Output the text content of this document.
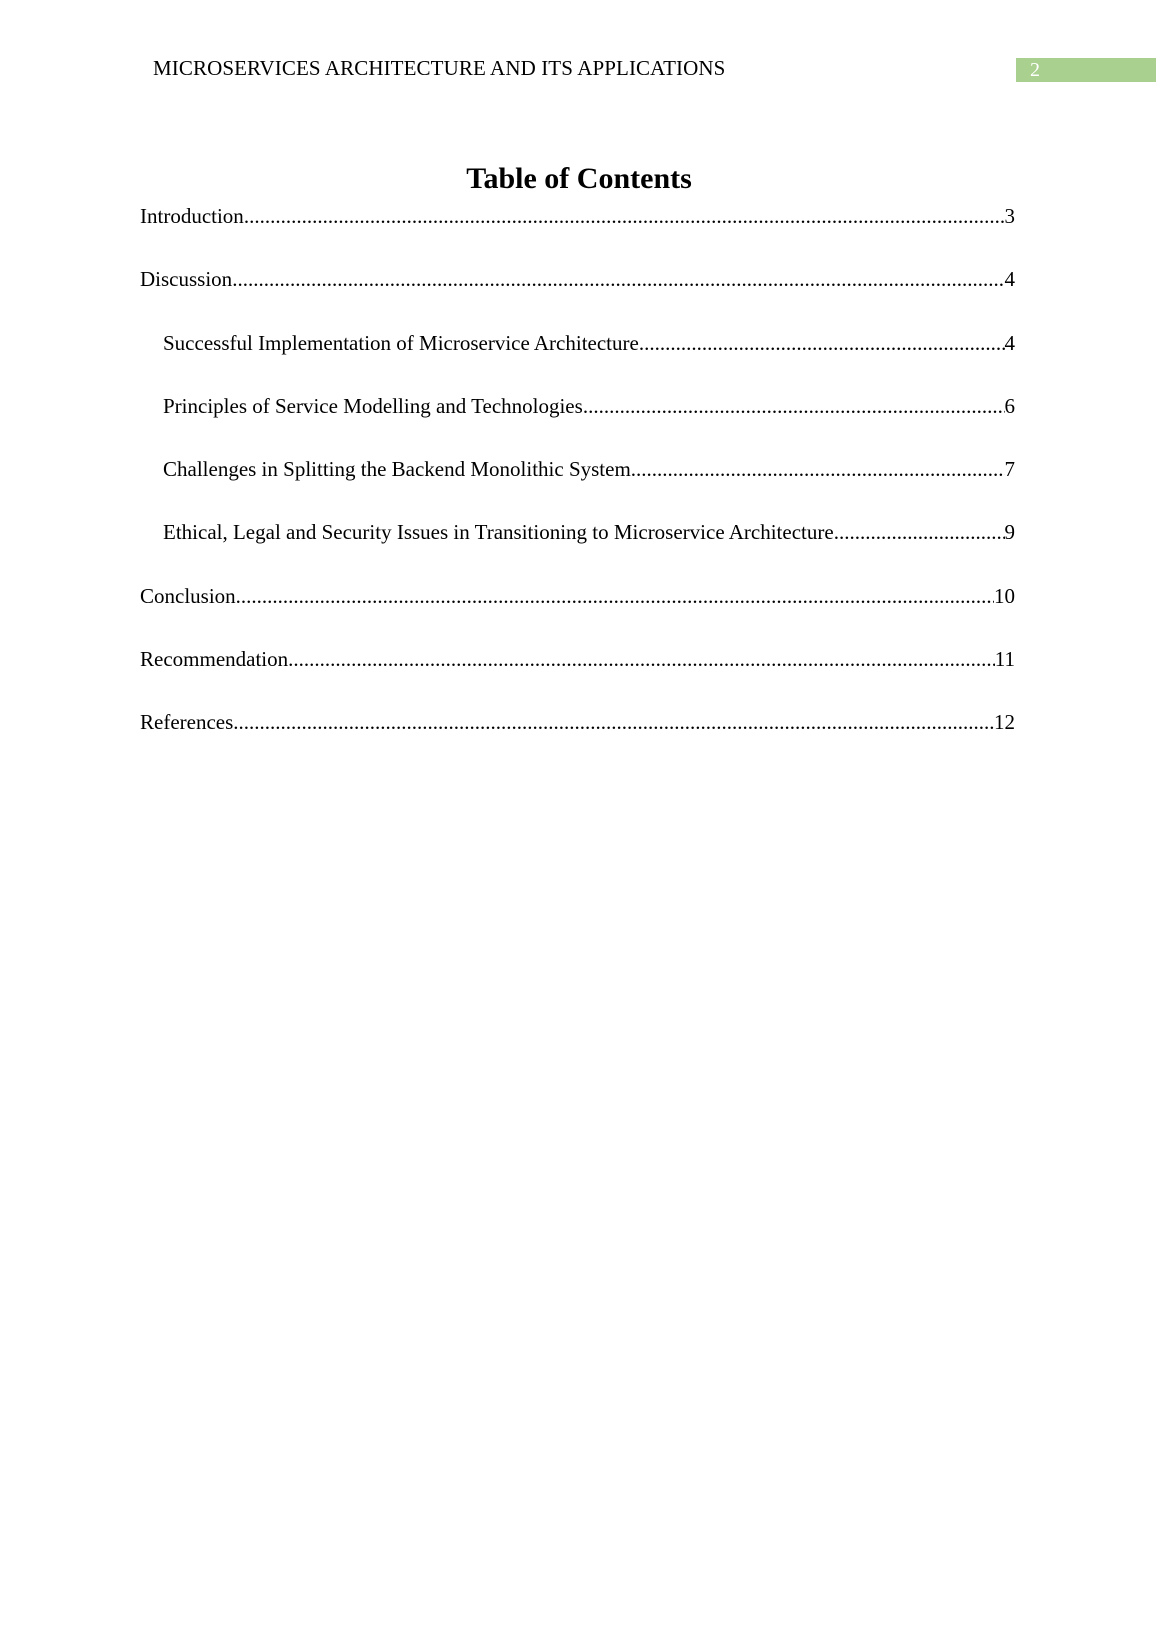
MICROSERVICES ARCHITECTURE AND ITS APPLICATIONS	2
Table of Contents
Introduction .....	3
Discussion .....	4
Successful Implementation of Microservice Architecture .....	4
Principles of Service Modelling and Technologies .....	6
Challenges in Splitting the Backend Monolithic System .....	7
Ethical, Legal and Security Issues in Transitioning to Microservice Architecture .....	9
Conclusion .....	10
Recommendation .....	11
References .....	12
